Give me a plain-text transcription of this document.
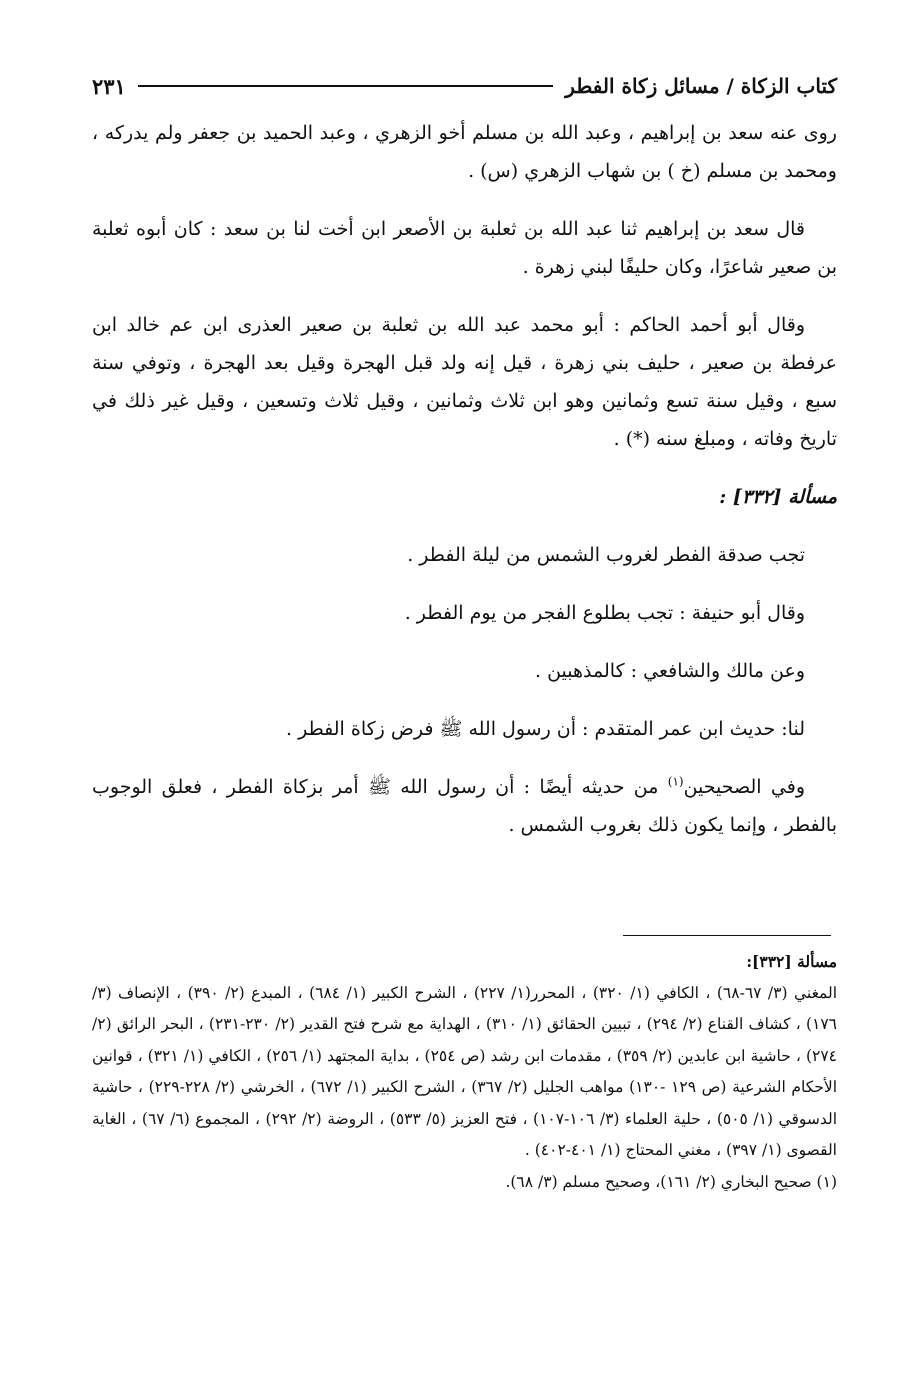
كتاب الزكاة / مسائل زكاة الفطر
٢٣١

روى عنه سعد بن إبراهيم ، وعبد الله بن مسلم أخو الزهري ، وعبد الحميد بن جعفر ولم يدركه ، ومحمد بن مسلم (خ ) بن شهاب الزهري (س) .

قال سعد بن إبراهيم ثنا عبد الله بن ثعلبة بن الأصعر ابن أخت لنا بن سعد : كان أبوه ثعلبة بن صعير شاعرًا، وكان حليفًا لبني زهرة .

وقال أبو أحمد الحاكم : أبو محمد عبد الله بن ثعلبة بن صعير العذرى ابن عم خالد ابن عرفطة بن صعير ، حليف بني زهرة ، قيل إنه ولد قبل الهجرة وقيل بعد الهجرة ، وتوفي سنة سبع ، وقيل سنة تسع وثمانين وهو ابن ثلاث وثمانين ، وقيل ثلاث وتسعين ، وقيل غير ذلك في تاريخ وفاته ، ومبلغ سنه (*) .

مسألة [٣٣٢] :

تجب صدقة الفطر لغروب الشمس من ليلة الفطر .

وقال أبو حنيفة : تجب بطلوع الفجر من يوم الفطر .

وعن مالك والشافعي : كالمذهبين .

لنا: حديث ابن عمر المتقدم : أن رسول الله ﷺ فرض زكاة الفطر .

وفي الصحيحين$^{(١)}$ من حديثه أيضًا : أن رسول الله ﷺ أمر بزكاة الفطر ، فعلق الوجوب بالفطر ، وإنما يكون ذلك بغروب الشمس .

مسألة [٣٣٢]:

المغني (٣/ ٦٧-٦٨) ، الكافي (١/ ٣٢٠) ، المحرر(١/ ٢٢٧) ، الشرح الكبير (١/ ٦٨٤) ، المبدع (٢/ ٣٩٠) ، الإنصاف (٣/ ١٧٦) ، كشاف القناع (٢/ ٢٩٤) ، تبيين الحقائق (١/ ٣١٠) ، الهداية مع شرح فتح القدير (٢/ ٢٣٠-٢٣١) ، البحر الرائق (٢/ ٢٧٤) ، حاشية ابن عابدين (٢/ ٣٥٩) ، مقدمات ابن رشد (ص ٢٥٤) ، بداية المجتهد (١/ ٢٥٦) ، الكافي (١/ ٣٢١) ، قوانين الأحكام الشرعية (ص ١٢٩ -١٣٠) مواهب الجليل (٢/ ٣٦٧) ، الشرح الكبير (١/ ٦٧٢) ، الخرشي (٢/ ٢٢٨-٢٢٩) ، حاشية الدسوقي (١/ ٥٠٥) ، حلية العلماء (٣/ ١٠٦-١٠٧) ، فتح العزيز (٥/ ٥٣٣) ، الروضة (٢/ ٢٩٢) ، المجموع (٦/ ٦٧) ، الغاية القصوى (١/ ٣٩٧) ، مغني المحتاج (١/ ٤٠١-٤٠٢) .

(١) صحيح البخاري (٢/ ١٦١)، وصحيح مسلم (٣/ ٦٨).
